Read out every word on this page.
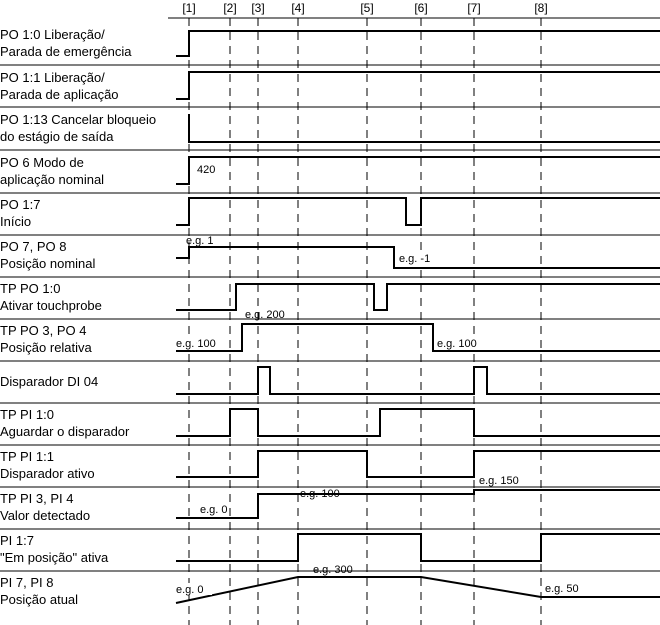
[1] [2] [3] [4]	[5]	[6]	[7]	[8]
PO 1:0 Liberação/
Parada de emergência
PO 1:1 Liberação/
Parada de aplicação
PO 1:13 Cancelar bloqueio
do estágio de saída
PO 6 Modo de
aplicação nominal
PO 1:7
Início
PO 7, PO 8
Posição nominal
TP PO 1:0
Ativar touchprobe
TP PO 3, PO 4
Posição relativa
Disparador DI 04
TP PI 1:0
Aguardar o disparador
TP PI 1:1
Disparador ativo
TP PI 3, PI 4
Valor detectado
PI 1:7
"Em posição" ativa
PI 7, PI 8
Posição atual
420
e.g. 1
e.g. -1
e.g. 200
e.g. 100	e.g. 100
e.g. 0
e.g. 100
e.g. 150
e.g. 0
e.g. 300
e.g. 50
